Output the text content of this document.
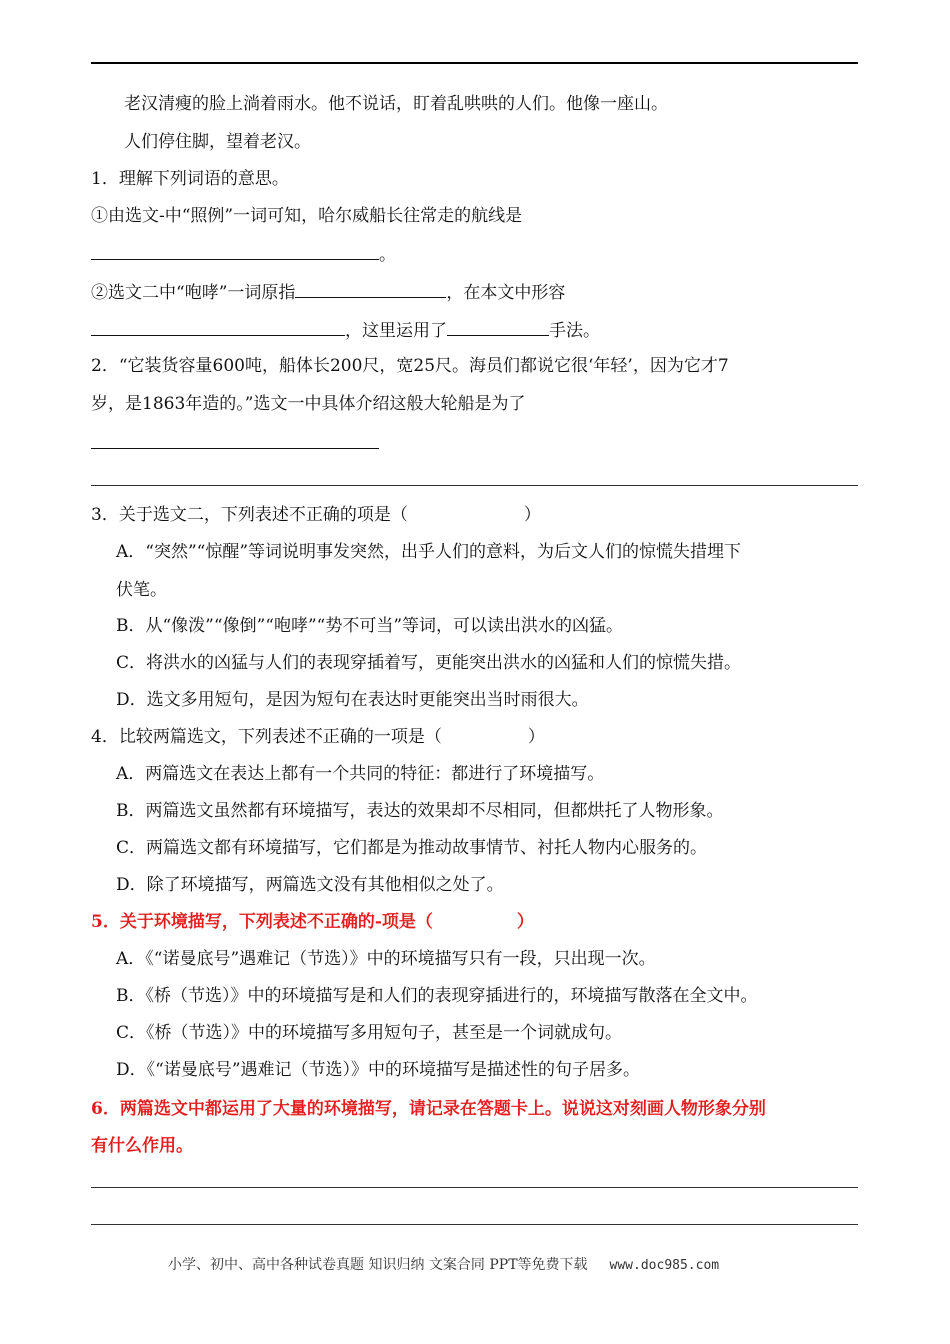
老汉清瘦的脸上淌着雨水。他不说话，盯着乱哄哄的人们。他像一座山。
人们停住脚，望着老汉。
1．理解下列词语的意思。
①由选文-中“照例”一词可知，哈尔威船长往常走的航线是
。
②选文二中“咆哮”一词原指	，在本文中形容
，这里运用了	手法。
2．“它装货容量600吨，船体长200尺，宽25尺。海员们都说它很‘年轻’，因为它才7
岁，是1863年造的。”选文一中具体介绍这般大轮船是为了
3．关于选文二，下列表述不正确的项是（	）
A．“突然”“惊醒”等词说明事发突然，出乎人们的意料，为后文人们的惊慌失措埋下
伏笔。
B．从“像泼”“像倒”“咆哮”“势不可当”等词，可以读出洪水的凶猛。
C．将洪水的凶猛与人们的表现穿插着写，更能突出洪水的凶猛和人们的惊慌失措。
D．选文多用短句，是因为短句在表达时更能突出当时雨很大。
4．比较两篇选文，下列表述不正确的一项是（	）
A．两篇选文在表达上都有一个共同的特征：都进行了环境描写。
B．两篇选文虽然都有环境描写，表达的效果却不尽相同，但都烘托了人物形象。
C．两篇选文都有环境描写，它们都是为推动故事情节、衬托人物内心服务的。
D．除了环境描写，两篇选文没有其他相似之处了。
5．关于环境描写，下列表述不正确的-项是（	）
A．《“诺曼底号”遇难记（节选）》中的环境描写只有一段，只出现一次。
B．《桥（节选）》中的环境描写是和人们的表现穿插进行的，环境描写散落在全文中。
C．《桥（节选）》中的环境描写多用短句子，甚至是一个词就成句。
D．《“诺曼底号”遇难记（节选）》中的环境描写是描述性的句子居多。
6．两篇选文中都运用了大量的环境描写，请记录在答题卡上。说说这对刻画人物形象分别
有什么作用。
小学、初中、高中各种试卷真题 知识归纳 文案合同 PPT等免费下载 www.doc985.com
